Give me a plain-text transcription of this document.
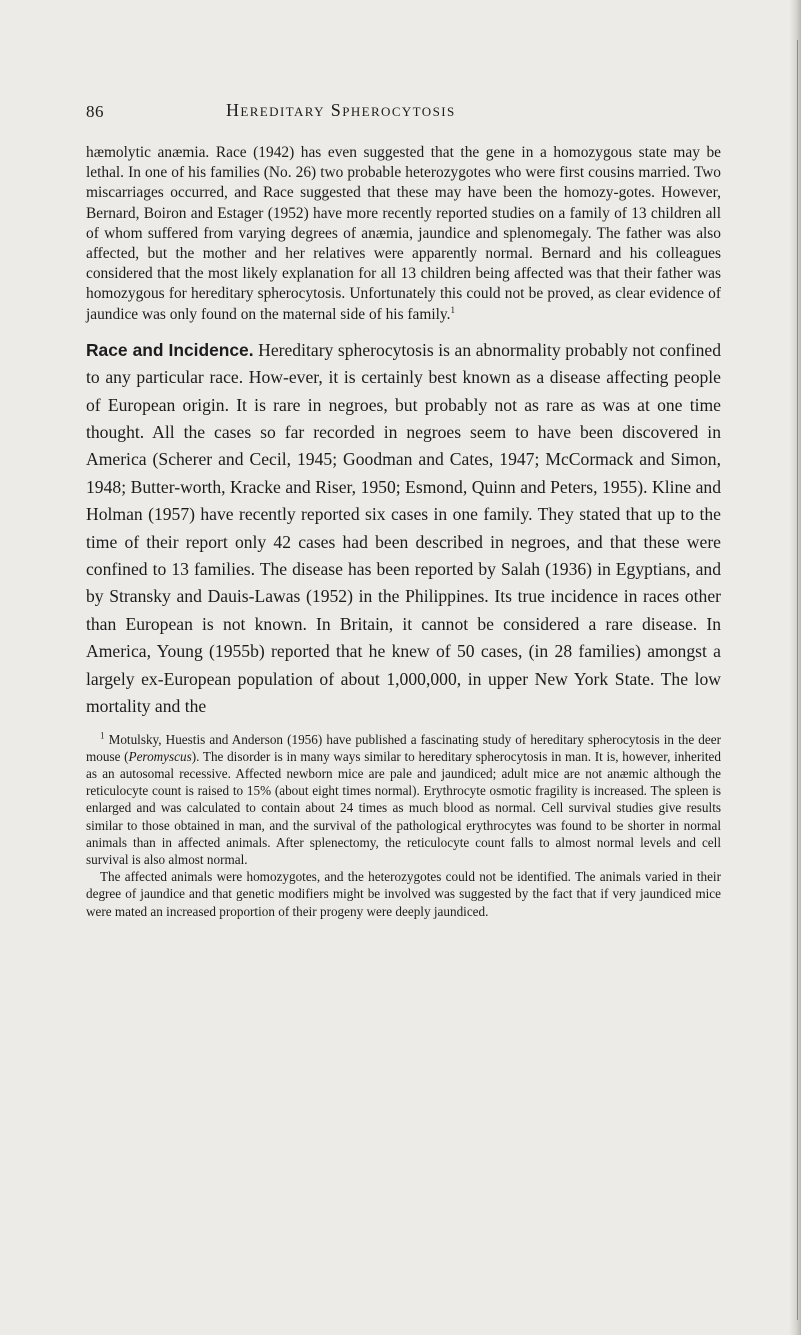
86	Hereditary Spherocytosis

hæmolytic anæmia. Race (1942) has even suggested that the gene in a homozygous state may be lethal. In one of his families (No. 26) two probable heterozygotes who were first cousins married. Two miscarriages occurred, and Race suggested that these may have been the homozy-gotes. However, Bernard, Boiron and Estager (1952) have more recently reported studies on a family of 13 children all of whom suffered from varying degrees of anæmia, jaundice and splenomegaly. The father was also affected, but the mother and her relatives were apparently normal. Bernard and his colleagues considered that the most likely explanation for all 13 children being affected was that their father was homozygous for hereditary spherocytosis. Unfortunately this could not be proved, as clear evidence of jaundice was only found on the maternal side of his family.$^1$

Race and Incidence. Hereditary spherocytosis is an abnormality probably not confined to any particular race. How-ever, it is certainly best known as a disease affecting people of European origin. It is rare in negroes, but probably not as rare as was at one time thought. All the cases so far recorded in negroes seem to have been discovered in America (Scherer and Cecil, 1945; Goodman and Cates, 1947; McCormack and Simon, 1948; Butter-worth, Kracke and Riser, 1950; Esmond, Quinn and Peters, 1955). Kline and Holman (1957) have recently reported six cases in one family. They stated that up to the time of their report only 42 cases had been described in negroes, and that these were confined to 13 families. The disease has been reported by Salah (1936) in Egyptians, and by Stransky and Dauis-Lawas (1952) in the Philippines. Its true incidence in races other than European is not known. In Britain, it cannot be considered a rare disease. In America, Young (1955b) reported that he knew of 50 cases, (in 28 families) amongst a largely ex-European population of about 1,000,000, in upper New York State. The low mortality and the

$^1$ Motulsky, Huestis and Anderson (1956) have published a fascinating study of hereditary spherocytosis in the deer mouse (Peromyscus). The disorder is in many ways similar to hereditary spherocytosis in man. It is, however, inherited as an autosomal recessive. Affected newborn mice are pale and jaundiced; adult mice are not anæmic although the reticulocyte count is raised to 15% (about eight times normal). Erythrocyte osmotic fragility is increased. The spleen is enlarged and was calculated to contain about 24 times as much blood as normal. Cell survival studies give results similar to those obtained in man, and the survival of the pathological erythrocytes was found to be shorter in normal animals than in affected animals. After splenectomy, the reticulocyte count falls to almost normal levels and cell survival is also almost normal.

The affected animals were homozygotes, and the heterozygotes could not be identified. The animals varied in their degree of jaundice and that genetic modifiers might be involved was suggested by the fact that if very jaundiced mice were mated an increased proportion of their progeny were deeply jaundiced.
